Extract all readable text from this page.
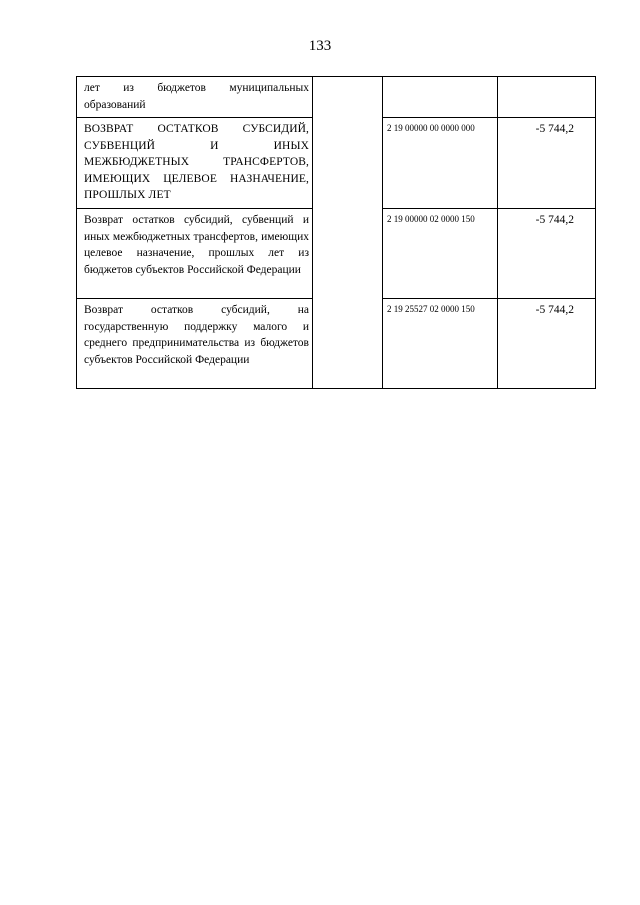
133
лет из бюджетов муниципальных образований			

ВОЗВРАТ ОСТАТКОВ СУБСИДИЙ, СУБВЕНЦИЙ И ИНЫХ МЕЖБЮДЖЕТНЫХ ТРАНСФЕРТОВ, ИМЕЮЩИХ ЦЕЛЕВОЕ НАЗНАЧЕНИЕ, ПРОШЛЫХ ЛЕТ		2 19 00000 00 0000 000	-5 744,2

Возврат остатков субсидий, субвенций и иных межбюджетных трансфертов, имеющих целевое назначение, прошлых лет из бюджетов субъектов Российской Федерации		2 19 00000 02 0000 150	-5 744,2

Возврат остатков субсидий, на государственную поддержку малого и среднего предпринимательства из бюджетов субъектов Российской Федерации		2 19 25527 02 0000 150	-5 744,2
